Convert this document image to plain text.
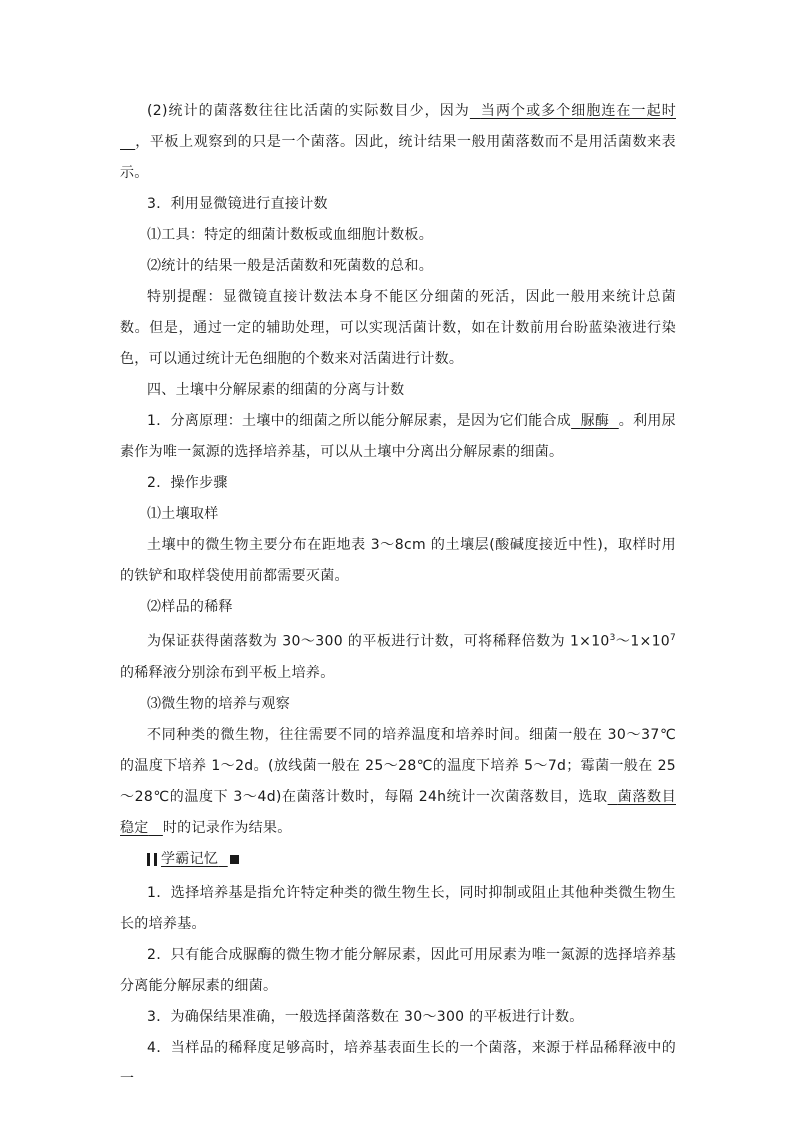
(2)统计的菌落数往往比活菌的实际数目少，因为 当两个或多个细胞连在一起时   ，平板上观察到的只是一个菌落。因此，统计结果一般用菌落数而不是用活菌数来表示。

3．利用显微镜进行直接计数

⑴工具：特定的细菌计数板或血细胞计数板。

⑵统计的结果一般是活菌数和死菌数的总和。

特别提醒：显微镜直接计数法本身不能区分细菌的死活，因此一般用来统计总菌数。但是，通过一定的辅助处理，可以实现活菌计数，如在计数前用台盼蓝染液进行染色，可以通过统计无色细胞的个数来对活菌进行计数。

四、土壤中分解尿素的细菌的分离与计数

1．分离原理：土壤中的细菌之所以能分解尿素，是因为它们能合成 脲酶 。利用尿素作为唯一氮源的选择培养基，可以从土壤中分离出分解尿素的细菌。

2．操作步骤

⑴土壤取样

土壤中的微生物主要分布在距地表 3～8cm 的土壤层(酸碱度接近中性)，取样时用的铁铲和取样袋使用前都需要灭菌。

⑵样品的稀释

为保证获得菌落数为 30～300 的平板进行计数，可将稀释倍数为 $1\times 10^3\sim 1\times 10^7$ 的稀释液分别涂布到平板上培养。

⑶微生物的培养与观察

不同种类的微生物，往往需要不同的培养温度和培养时间。细菌一般在 30～37℃的温度下培养 1～2d。(放线菌一般在 25～28℃的温度下培养 5～7d；霉菌一般在 25～28℃的温度下 3～4d)在菌落计数时，每隔 24h统计一次菌落数目，选取 菌落数目稳定 时的记录作为结果。

学霸记忆

1．选择培养基是指允许特定种类的微生物生长，同时抑制或阻止其他种类微生物生长的培养基。

2．只有能合成脲酶的微生物才能分解尿素，因此可用尿素为唯一氮源的选择培养基分离能分解尿素的细菌。

3．为确保结果准确，一般选择菌落数在 30～300 的平板进行计数。

4．当样品的稀释度足够高时，培养基表面生长的一个菌落，来源于样品稀释液中的一
